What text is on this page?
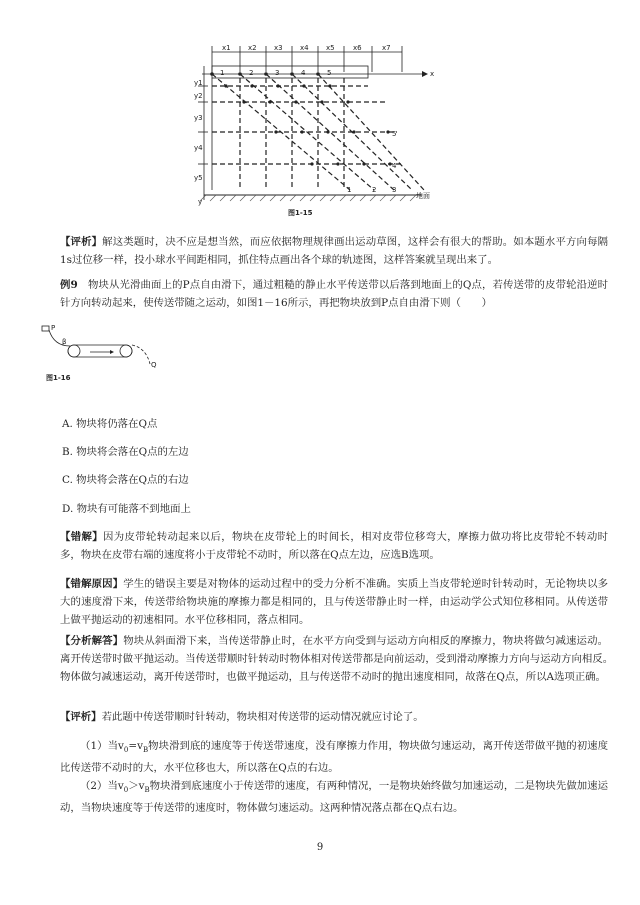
x1 x2 x3 x4 x5	x6	x7
x
y1
y2
y3
y4
y5
y
1	2	3	4	5
1	2 3
4
5
地面
图1-15
【评析】解这类题时，决不应是想当然，而应依据物理规律画出运动草图，这样会有很大的帮助。如本题水平方向每隔1s过位移一样，投小球水平间距相同，抓住特点画出各个球的轨迹图，这样答案就呈现出来了。
例9 物块从光滑曲面上的P点自由滑下，通过粗糙的静止水平传送带以后落到地面上的Q点，若传送带的皮带轮沿逆时针方向转动起来，使传送带随之运动，如图1－16所示，再把物块放到P点自由滑下则（　　）
P
β
Q
图1-16
A. 物块将仍落在Q点
B. 物块将会落在Q点的左边
C. 物块将会落在Q点的右边
D. 物块有可能落不到地面上
【错解】因为皮带轮转动起来以后，物块在皮带轮上的时间长，相对皮带位移弯大，摩擦力做功将比皮带轮不转动时多，物块在皮带右端的速度将小于皮带轮不动时，所以落在Q点左边，应选B选项。
【错解原因】学生的错误主要是对物体的运动过程中的受力分析不准确。实质上当皮带轮逆时针转动时，无论物块以多大的速度滑下来，传送带给物块施的摩擦力都是相同的，且与传送带静止时一样，由运动学公式知位移相同。从传送带上做平抛运动的初速相同。水平位移相同，落点相同。
【分析解答】物块从斜面滑下来，当传送带静止时，在水平方向受到与运动方向相反的摩擦力，物块将做匀减速运动。离开传送带时做平抛运动。当传送带顺时针转动时物体相对传送带都是向前运动，受到滑动摩擦力方向与运动方向相反。　物体做匀减速运动，离开传送带时，也做平抛运动，且与传送带不动时的抛出速度相同，故落在Q点，所以A选项正确。
【评析】若此题中传送带顺时针转动，物块相对传送带的运动情况就应讨论了。
（1）当$v_0=v_B$物块滑到底的速度等于传送带速度，没有摩擦力作用，物块做匀速运动，离开传送带做平抛的初速度比传送带不动时的大，水平位移也大，所以落在Q点的右边。
（2）当$v_0>v_B$物块滑到底速度小于传送带的速度，有两种情况，一是物块始终做匀加速运动，二是物块先做加速运动，当物块速度等于传送带的速度时，物体做匀速运动。这两种情况落点都在Q点右边。
9
